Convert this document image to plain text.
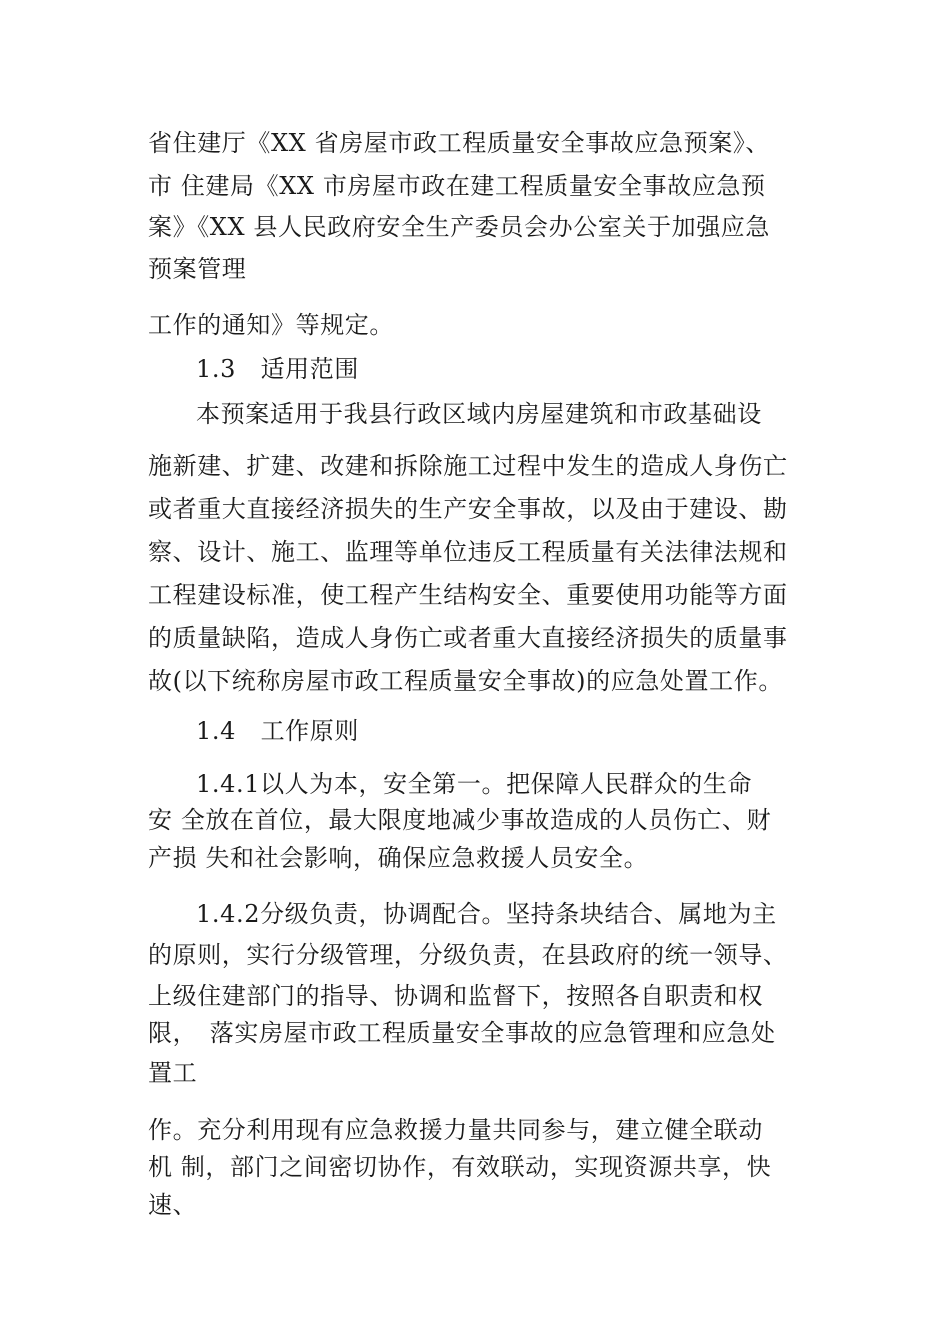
省住建厅《XX 省房屋市政工程质量安全事故应急预案》、
市 住建局《XX 市房屋市政在建工程质量安全事故应急预
案》《XX 县人民政府安全生产委员会办公室关于加强应急
预案管理
工作的通知》等规定。
1.3　适用范围
本预案适用于我县行政区域内房屋建筑和市政基础设
施新建、扩建、改建和拆除施工过程中发生的造成人身伤亡
或者重大直接经济损失的生产安全事故，以及由于建设、勘
察、设计、施工、监理等单位违反工程质量有关法律法规和
工程建设标准，使工程产生结构安全、重要使用功能等方面
的质量缺陷，造成人身伤亡或者重大直接经济损失的质量事
故(以下统称房屋市政工程质量安全事故)的应急处置工作。
1.4　工作原则
1.4.1以人为本，安全第一。把保障人民群众的生命
安 全放在首位，最大限度地减少事故造成的人员伤亡、财
产损 失和社会影响，确保应急救援人员安全。
1.4.2分级负责，协调配合。坚持条块结合、属地为主
的原则，实行分级管理，分级负责，在县政府的统一领导、
上级住建部门的指导、协调和监督下，按照各自职责和权
限，　落实房屋市政工程质量安全事故的应急管理和应急处
置工
作。充分利用现有应急救援力量共同参与，建立健全联动
机 制，部门之间密切协作，有效联动，实现资源共享，快
速、
